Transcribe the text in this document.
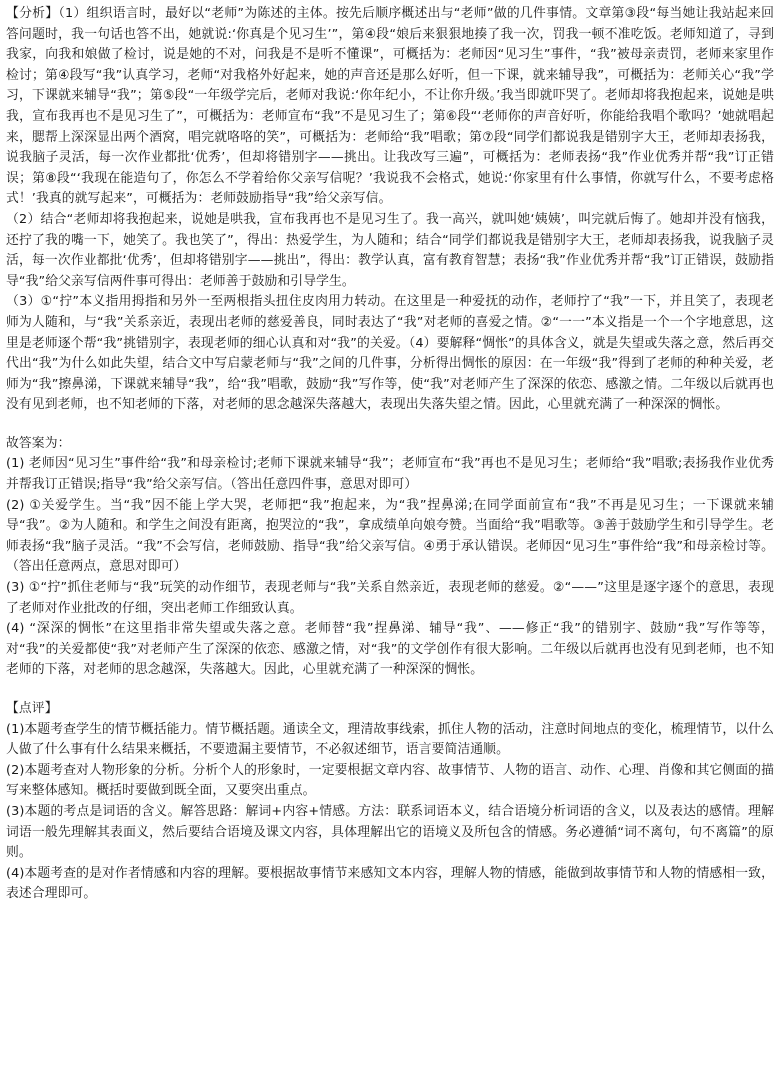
【分析】（1）组织语言时，最好以“老师”为陈述的主体。按先后顺序概述出与“老师”做的几件事情。文章第③段“每当她让我站起来回答问题时，我一句话也答不出，她就说:‘你真是个见习生’”，第④段“娘后来狠狠地揍了我一次，罚我一顿不准吃饭。老师知道了，寻到我家，向我和娘做了检讨，说是她的不对，问我是不是听不懂课”，可概括为：老师因“见习生”事件，“我”被母亲责罚，老师来家里作检讨；第④段写“我”认真学习，老师“对我格外好起来，她的声音还是那么好听，但一下课，就来辅导我”，可概括为：老师关心“我”学习，下课就来辅导“我”；第⑤段“一年级学完后，老师对我说:‘你年纪小，不让你升级。’我当即就吓哭了。老师却将我抱起来，说她是哄我，宣布我再也不是见习生了”，可概括为：老师宣布“我”不是见习生了；第⑥段“‘老师你的声音好听，你能给我唱个歌吗？’她就唱起来，腮帮上深深显出两个酒窝，唱完就咯咯的笑”，可概括为：老师给“我”唱歌；第⑦段“同学们都说我是错别字大王，老师却表扬我，说我脑子灵活，每一次作业都批‘优秀’，但却将错别字——挑出。让我改写三遍”，可概括为：老师表扬“我”作业优秀并帮“我”订正错误；第⑧段“‘我现在能造句了，你怎么不学着给你父亲写信呢？’我说我不会格式，她说:‘你家里有什么事情，你就写什么，不要考虑格式！’我真的就写起来”，可概括为：老师鼓励指导“我”给父亲写信。

（2）结合“老师却将我抱起来，说她是哄我，宣布我再也不是见习生了。我一高兴，就叫她‘姨姨’，叫完就后悔了。她却并没有恼我，还拧了我的嘴一下，她笑了。我也笑了”，得出：热爱学生，为人随和；结合“同学们都说我是错别字大王，老师却表扬我，说我脑子灵活，每一次作业都批‘优秀’，但却将错别字——挑出”，得出：教学认真，富有教育智慧；表扬“我”作业优秀并帮“我”订正错误，鼓励指导“我”给父亲写信两件事可得出：老师善于鼓励和引导学生。

（3）①“拧”本义指用拇指和另外一至两根指头扭住皮肉用力转动。在这里是一种爱抚的动作，老师拧了“我”一下，并且笑了，表现老师为人随和，与“我”关系亲近，表现出老师的慈爱善良，同时表达了“我”对老师的喜爱之情。②“一一”本义指是一个一个字地意思，这里是老师逐个帮“我”挑错别字，表现老师的细心认真和对“我”的关爱。（4）要解释“惆怅”的具体含义，就是失望或失落之意，然后再交代出“我”为什么如此失望，结合文中写启蒙老师与“我”之间的几件事，分析得出惆怅的原因：在一年级“我”得到了老师的种种关爱，老师为“我”擦鼻涕，下课就来辅导“我”，给“我”唱歌，鼓励“我”写作等，使“我”对老师产生了深深的依恋、感激之情。二年级以后就再也没有见到老师，也不知老师的下落，对老师的思念越深失落越大，表现出失落失望之情。因此，心里就充满了一种深深的惆怅。

故答案为：

(1) 老师因“见习生”事件给“我”和母亲检讨;老师下课就来辅导“我”；老师宣布“我”再也不是见习生；老师给“我”唱歌;表扬我作业优秀并帮我订正错误;指导“我”给父亲写信。（答出任意四件事，意思对即可）

(2) ①关爱学生。当“我”因不能上学大哭，老师把“我”抱起来，为“我”捏鼻涕;在同学面前宣布“我”不再是见习生；一下课就来辅导“我”。②为人随和。和学生之间没有距离，抱哭泣的“我”，拿成绩单向娘夸赞。当面给“我”唱歌等。③善于鼓励学生和引导学生。老师表扬“我”脑子灵活。“我”不会写信，老师鼓励、指导“我”给父亲写信。④勇于承认错误。老师因“见习生”事件给“我”和母亲检讨等。（答出任意两点，意思对即可）

(3) ①“拧”抓住老师与“我”玩笑的动作细节，表现老师与“我”关系自然亲近，表现老师的慈爱。②“——”这里是逐字逐个的意思，表现了老师对作业批改的仔细，突出老师工作细致认真。

(4) “深深的惆怅”在这里指非常失望或失落之意。老师替“我”捏鼻涕、辅导“我”、——修正“我”的错别字、鼓励“我”写作等等，对“我”的关爱都使“我”对老师产生了深深的依恋、感激之情，对“我”的文学创作有很大影响。二年级以后就再也没有见到老师，也不知老师的下落，对老师的思念越深，失落越大。因此，心里就充满了一种深深的惆怅。

【点评】

(1)本题考查学生的情节概括能力。情节概括题。通读全文，理清故事线索，抓住人物的活动，注意时间地点的变化，梳理情节，以什么人做了什么事有什么结果来概括，不要遗漏主要情节，不必叙述细节，语言要简洁通顺。

(2)本题考查对人物形象的分析。分析个人的形象时，一定要根据文章内容、故事情节、人物的语言、动作、心理、肖像和其它侧面的描写来整体感知。概括时要做到既全面，又要突出重点。

(3)本题的考点是词语的含义。解答思路：解词+内容+情感。方法：联系词语本义，结合语境分析词语的含义，以及表达的感情。理解词语一般先理解其表面义，然后要结合语境及课文内容，具体理解出它的语境义及所包含的情感。务必遵循“词不离句，句不离篇”的原则。

(4)本题考查的是对作者情感和内容的理解。要根据故事情节来感知文本内容，理解人物的情感，能做到故事情节和人物的情感相一致，表述合理即可。
